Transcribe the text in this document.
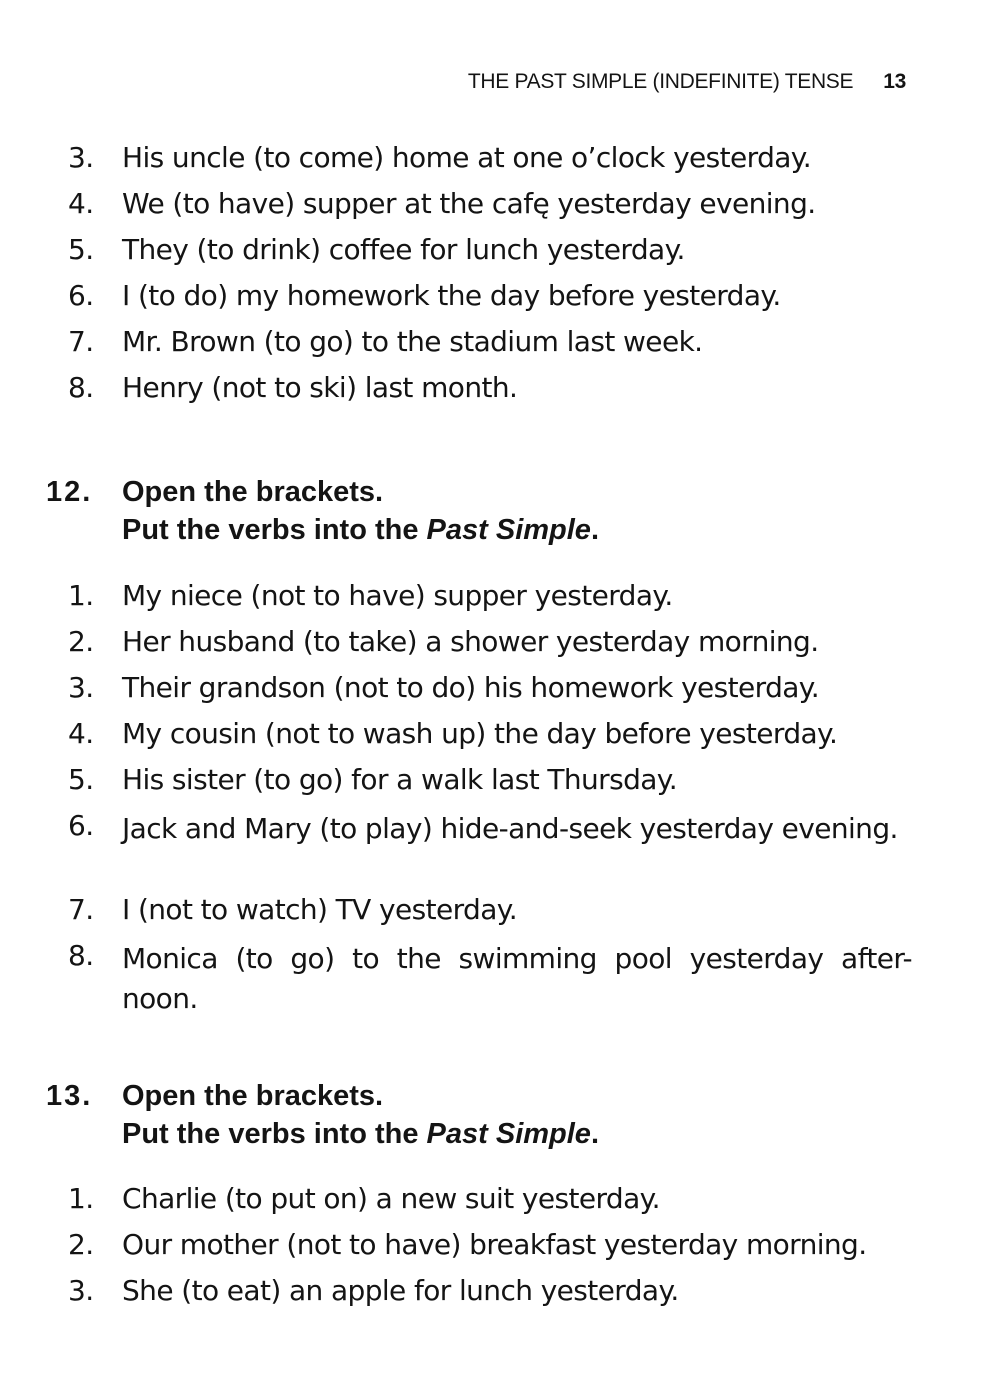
THE PAST SIMPLE (INDEFINITE) TENSE 13
3.	His uncle (to come) home at one o’clock yesterday.
4.	We (to have) supper at the cafę yesterday evening.
5.	They (to drink) coffee for lunch yesterday.
6.	I (to do) my homework the day before yesterday.
7.	Mr. Brown (to go) to the stadium last week.
8.	Henry (not to ski) last month.
12. Open the brackets.
Put the verbs into the Past Simple.
1.	My niece (not to have) supper yesterday.
2.	Her husband (to take) a shower yesterday morning.
3.	Their grandson (not to do) his homework yesterday.
4.	My cousin (not to wash up) the day before yesterday.
5.	His sister (to go) for a walk last Thursday.
6.	Jack and Mary (to play) hide-and-seek yesterday evening.
7.	I (not to watch) TV yesterday.
8.	Monica (to go) to the swimming pool yesterday after-noon.
13. Open the brackets.
Put the verbs into the Past Simple.
1.	Charlie (to put on) a new suit yesterday.
2.	Our mother (not to have) breakfast yesterday morning.
3.	She (to eat) an apple for lunch yesterday.
